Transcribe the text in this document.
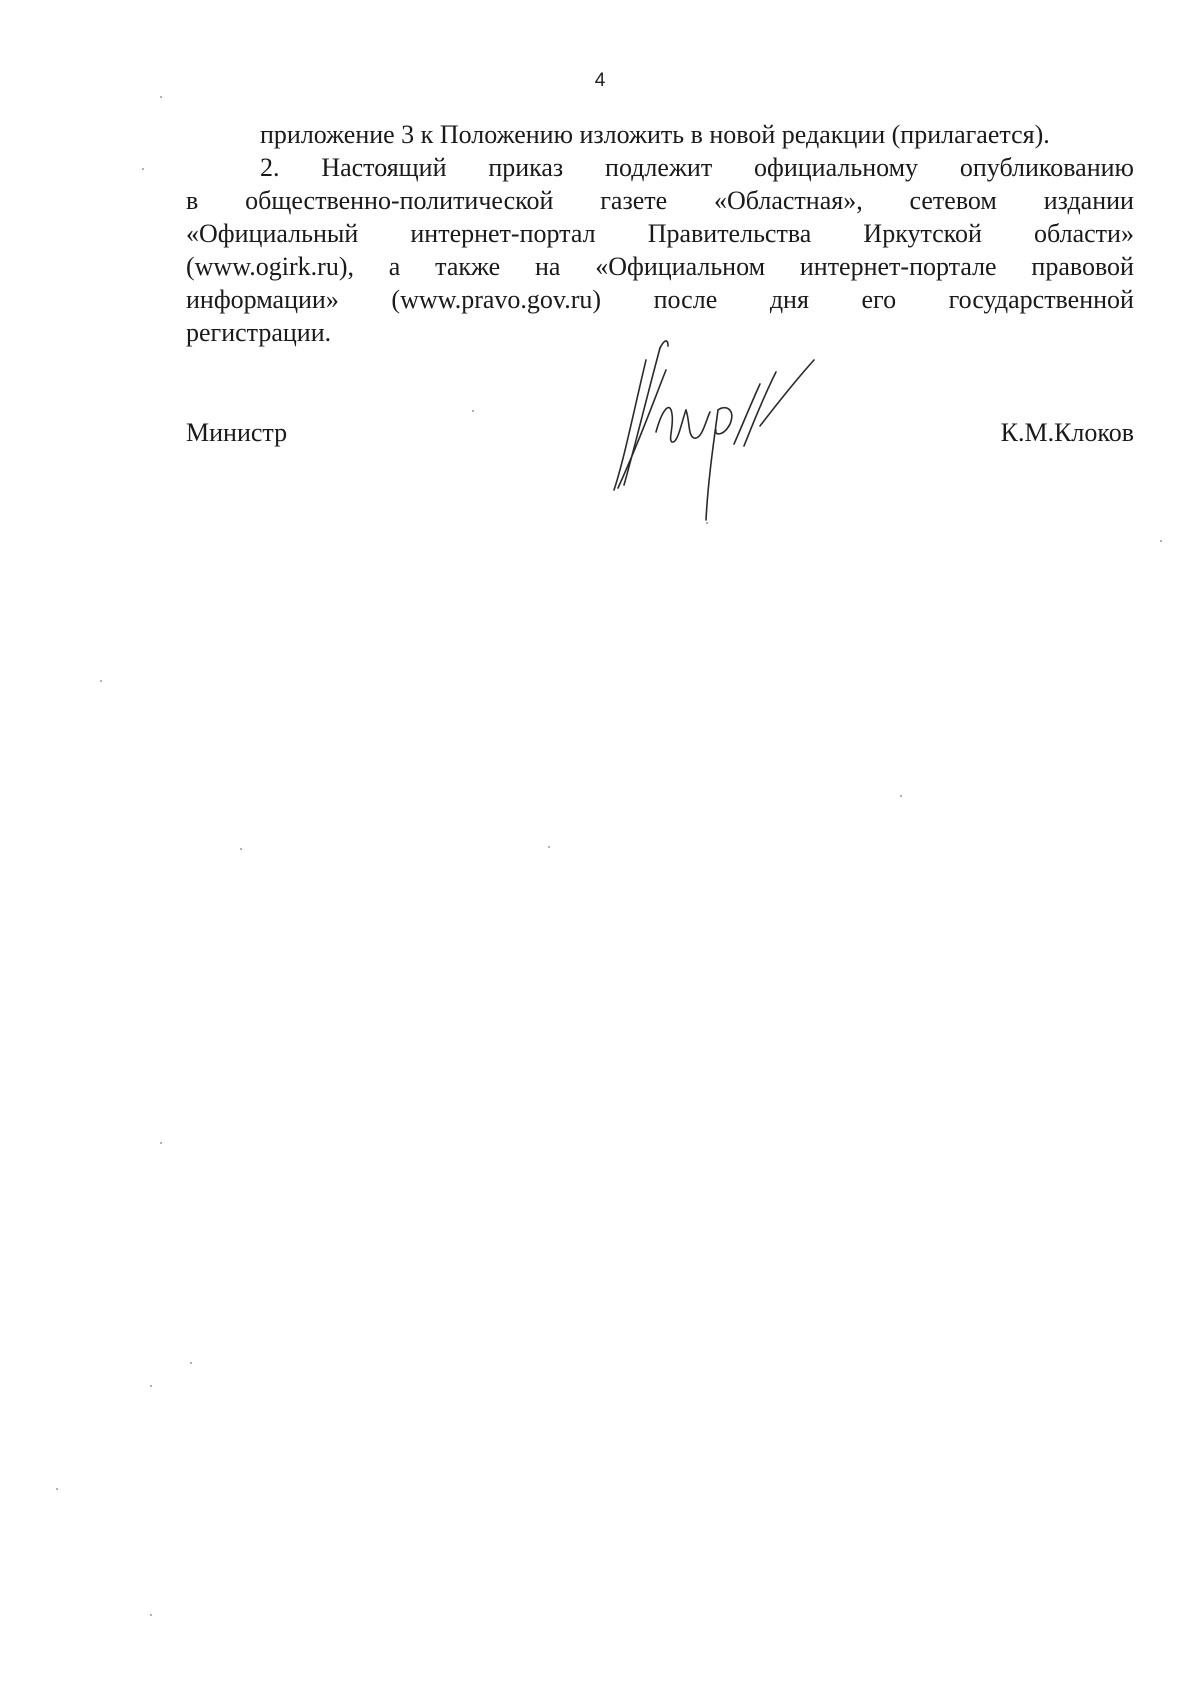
4
приложение 3 к Положению изложить в новой редакции (прилагается).
2. Настоящий приказ подлежит официальному опубликованию
в общественно-политической газете «Областная», сетевом издании
«Официальный интернет-портал Правительства Иркутской области»
(www.ogirk.ru), а также на «Официальном интернет-портале правовой
информации» (www.pravo.gov.ru) после дня его государственной
регистрации.
Министр	К.М.Клоков
